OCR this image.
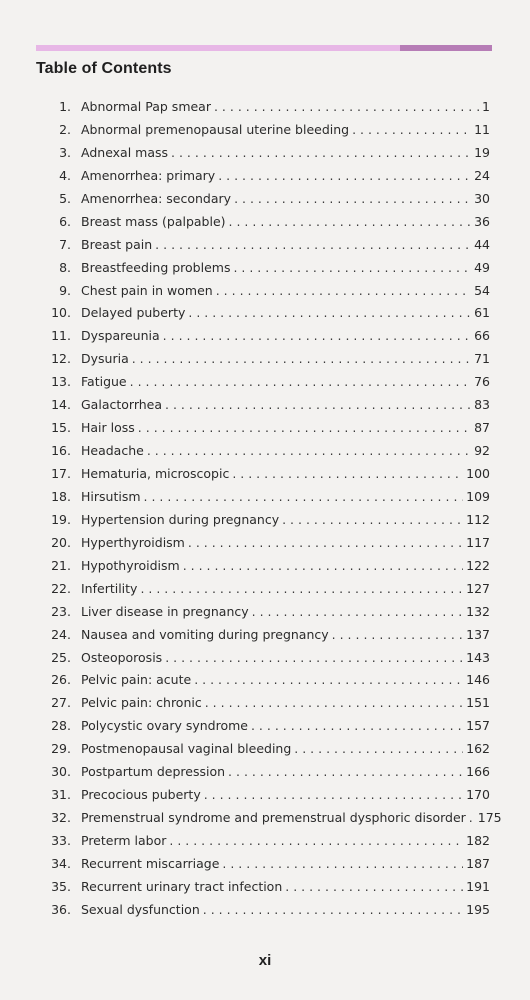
Table of Contents
1. Abnormal Pap smear . . .	1
2. Abnormal premenopausal uterine bleeding . . .	11
3. Adnexal mass . . .	19
4. Amenorrhea: primary . . .	24
5. Amenorrhea: secondary . . .	30
6. Breast mass (palpable) . . .	36
7. Breast pain . . .	44
8. Breastfeeding problems . . .	49
9. Chest pain in women . . .	54
10. Delayed puberty . . .	61
11. Dyspareunia . . .	66
12. Dysuria . . .	71
13. Fatigue . . .	76
14. Galactorrhea . . .	83
15. Hair loss . . .	87
16. Headache . . .	92
17. Hematuria, microscopic . . .	100
18. Hirsutism . . .	109
19. Hypertension during pregnancy . . .	112
20. Hyperthyroidism . . .	117
21. Hypothyroidism . . .	122
22. Infertility . . .	127
23. Liver disease in pregnancy . . .	132
24. Nausea and vomiting during pregnancy . . .	137
25. Osteoporosis . . .	143
26. Pelvic pain: acute . . .	146
27. Pelvic pain: chronic . . .	151
28. Polycystic ovary syndrome . . .	157
29. Postmenopausal vaginal bleeding . . .	162
30. Postpartum depression . . .	166
31. Precocious puberty . . .	170
32. Premenstrual syndrome and premenstrual dysphoric disorder . . . 175
33. Preterm labor . . .	182
34. Recurrent miscarriage . . .	187
35. Recurrent urinary tract infection . . .	191
36. Sexual dysfunction . . .	195
xi
